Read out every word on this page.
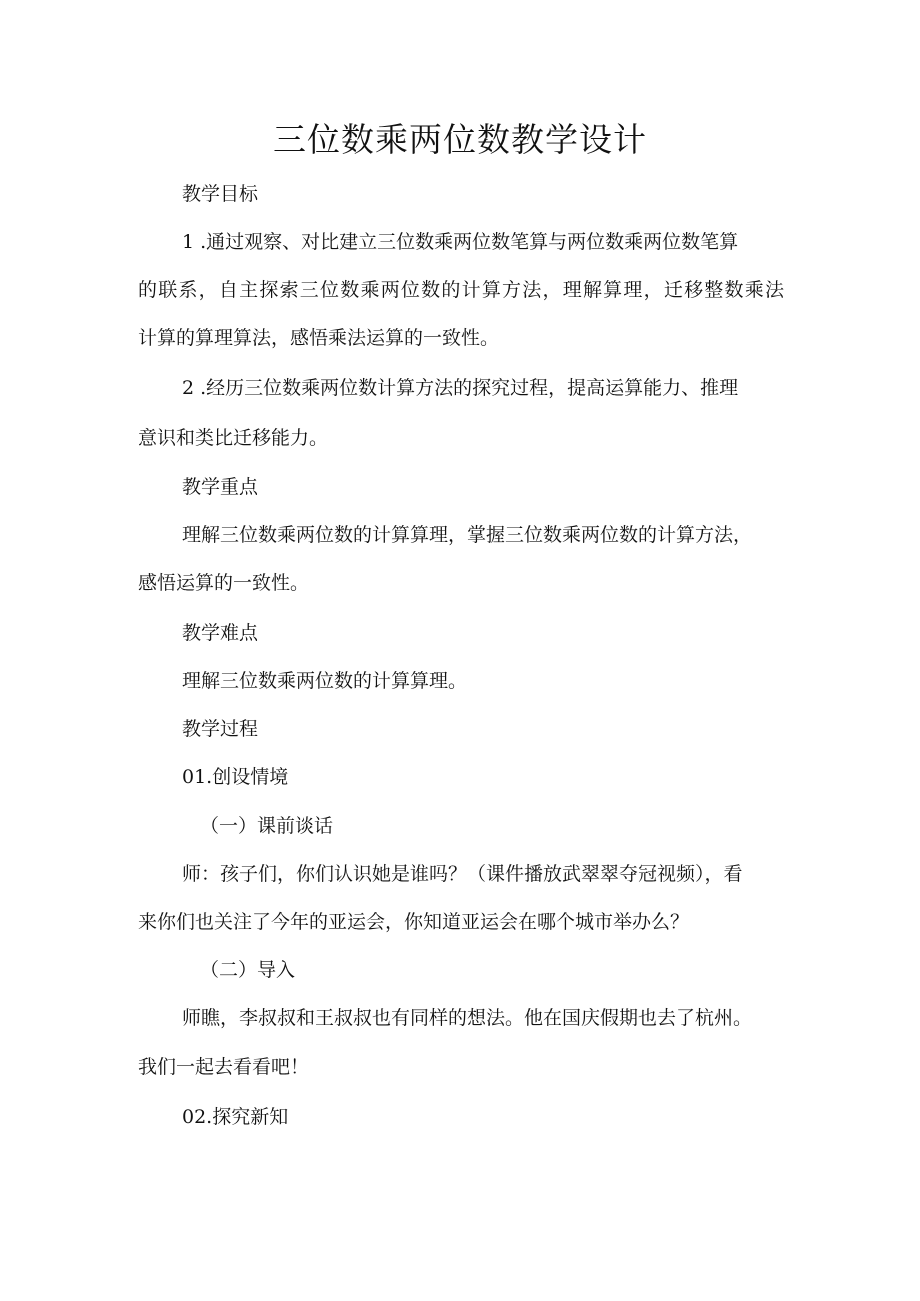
三位数乘两位数教学设计

教学目标

1 .通过观察、对比建立三位数乘两位数笔算与两位数乘两位数笔算

的联系，自主探索三位数乘两位数的计算方法，理解算理，迁移整数乘法

计算的算理算法，感悟乘法运算的一致性。

2 .经历三位数乘两位数计算方法的探究过程，提高运算能力、推理

意识和类比迁移能力。

教学重点

理解三位数乘两位数的计算算理，掌握三位数乘两位数的计算方法，

感悟运算的一致性。

教学难点

理解三位数乘两位数的计算算理。

教学过程

01.创设情境

（一）课前谈话

师：孩子们，你们认识她是谁吗？（课件播放武翠翠夺冠视频），看

来你们也关注了今年的亚运会，你知道亚运会在哪个城市举办么？

（二）导入

师瞧，李叔叔和王叔叔也有同样的想法。他在国庆假期也去了杭州。

我们一起去看看吧！

02.探究新知
